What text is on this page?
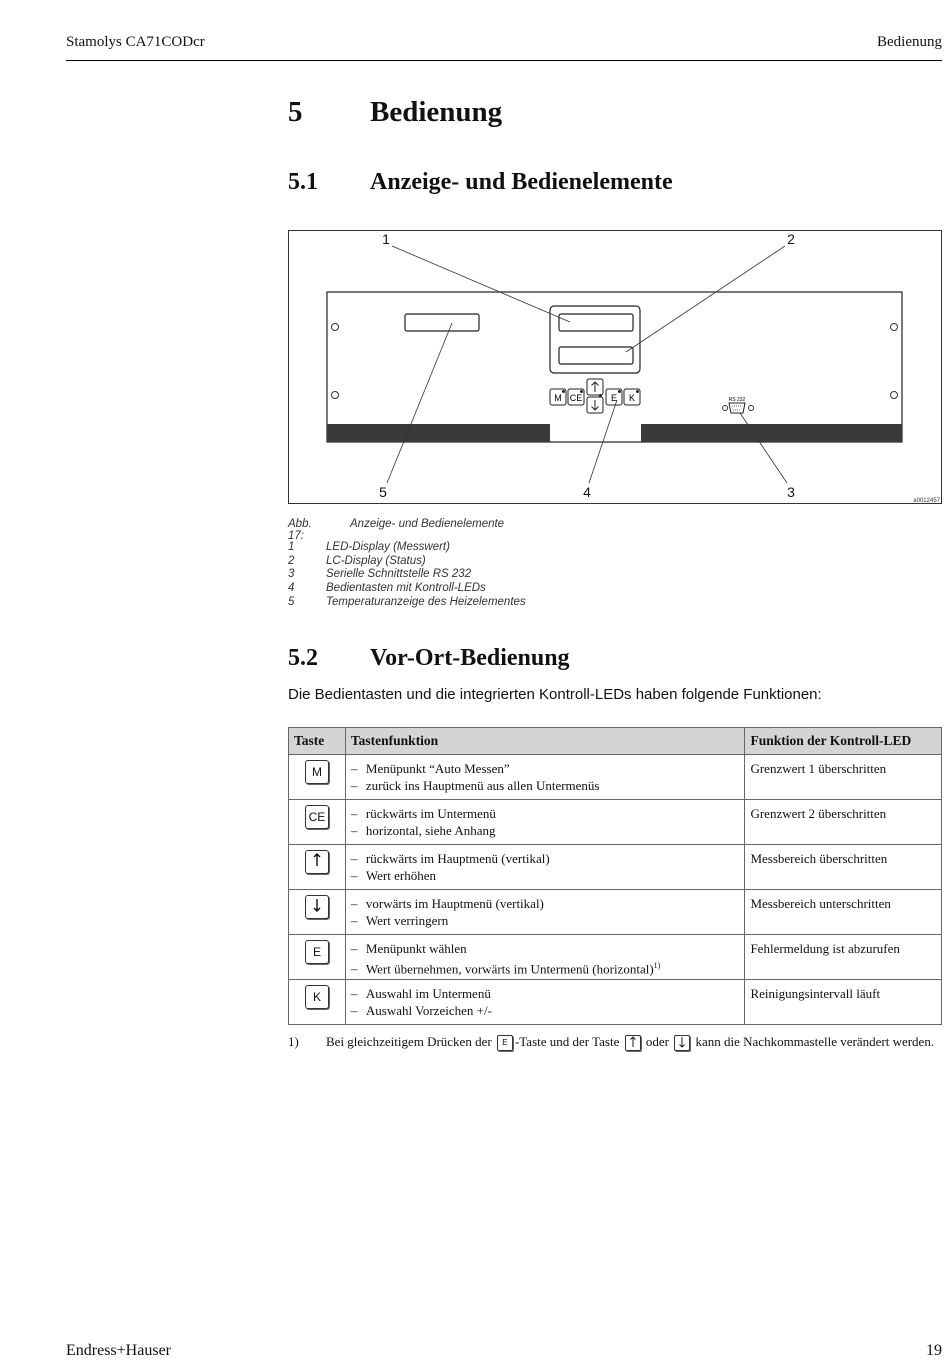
Stamolys CA71CODcr	Bedienung
5 Bedienung
5.1 Anzeige- und Bedienelemente
M CE	E K	RS 232
1	2
3
4
5
a0012457
Abb. 17:
Anzeige- und Bedienelemente
1	LED-Display (Messwert)
2	LC-Display (Status)
3	Serielle Schnittstelle RS 232
4	Bedientasten mit Kontroll-LEDs
5	Temperaturanzeige des Heizelementes
5.2 Vor-Ort-Bedienung
Die Bedientasten und die integrierten Kontroll-LEDs haben folgende Funktionen:
Taste	Tastenfunktion	Funktion der Kontroll-LED
M	– Menüpunkt “Auto Messen”
– zurück ins Hauptmenü aus allen Untermenüs	Grenzwert 1 überschritten
CE	– rückwärts im Untermenü
– horizontal, siehe Anhang	Grenzwert 2 überschritten

– rückwärts im Hauptmenü (vertikal)
– Wert erhöhen	Messbereich überschritten

– vorwärts im Hauptmenü (vertikal)
– Wert verringern	Messbereich unterschritten
E	– Menüpunkt wählen
– Wert übernehmen, vorwärts im Untermenü (horizontal)$^{1)}$	Fehlermeldung ist abzurufen
K	– Auswahl im Untermenü
– Auswahl Vorzeichen +/-	Reinigungsintervall läuft
1) Bei gleichzeitigem Drücken der E -Taste und der Taste oder kann die Nachkommastelle verändert werden.
Endress+Hauser	19
